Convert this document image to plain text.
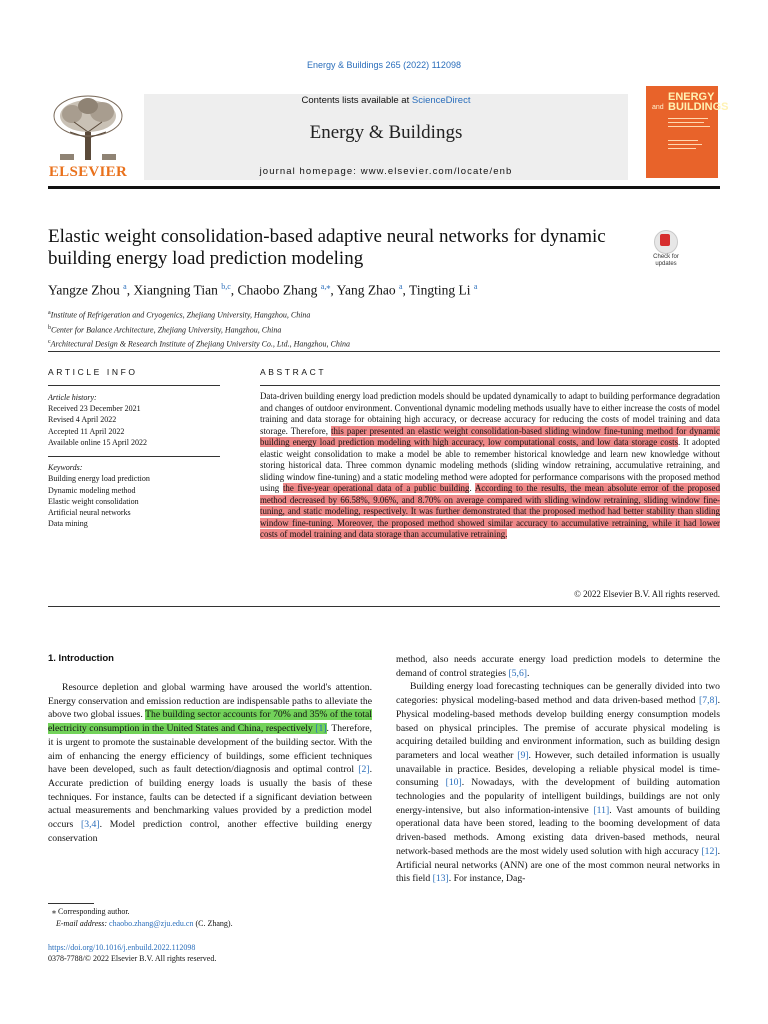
Energy & Buildings 265 (2022) 112098
ELSEVIER
Contents lists available at ScienceDirect
Energy & Buildings
journal homepage: www.elsevier.com/locate/enb
and
ENERGY
BUILDINGS
Elastic weight consolidation-based adaptive neural networks for dynamic building energy load prediction modeling	Check for updates
Yangze Zhou $^a$, Xiangning Tian $^{b,c}$, Chaobo Zhang $^{a,⁎}$, Yang Zhao $^a$, Tingting Li $^a$
$^a$Institute of Refrigeration and Cryogenics, Zhejiang University, Hangzhou, China
$^b$Center for Balance Architecture, Zhejiang University, Hangzhou, China
$^c$Architectural Design & Research Institute of Zhejiang University Co., Ltd., Hangzhou, China
ARTICLE INFO
Article history:
Received 23 December 2021
Revised 4 April 2022
Accepted 11 April 2022
Available online 15 April 2022
Keywords:
Building energy load prediction
Dynamic modeling method
Elastic weight consolidation
Artificial neural networks
Data mining
ABSTRACT
Data-driven building energy load prediction models should be updated dynamically to adapt to building performance degradation and changes of outdoor environment. Conventional dynamic modeling methods usually have to either increase the costs of model training and data storage for obtaining high accuracy, or decrease accuracy for reducing the costs of model training and data storage. Therefore, this paper presented an elastic weight consolidation-based sliding window fine-tuning method for dynamic building energy load prediction modeling with high accuracy, low computational costs, and low data storage costs. It adopted elastic weight consolidation to make a model be able to remember historical knowledge and learn new knowledge without storing historical data. Three common dynamic modeling methods (sliding window retraining, accumulative retraining, and sliding window fine-tuning) and a static modeling method were adopted for performance comparisons with the proposed method using the five-year operational data of a public building. According to the results, the mean absolute error of the proposed method decreased by 66.58%, 9.06%, and 8.70% on average compared with sliding window retraining, sliding window fine-tuning, and static modeling, respectively. It was further demonstrated that the proposed method had better stability than sliding window fine-tuning. Moreover, the proposed method showed similar accuracy to accumulative retraining, while it had lower costs of model training and data storage than accumulative retraining.
© 2022 Elsevier B.V. All rights reserved.
1. Introduction

Resource depletion and global warming have aroused the world's attention. Energy conservation and emission reduction are indispensable paths to alleviate the above two global issues. The building sector accounts for 70% and 35% of the total electricity consumption in the United States and China, respectively [1]. Therefore, it is urgent to promote the sustainable development of the building sector. With the aim of enhancing the energy efficiency of buildings, some efficient techniques have been developed, such as fault detection/diagnosis and optimal control [2]. Accurate prediction of building energy loads is usually the basis of these techniques. For instance, faults can be detected if a significant deviation between actual measurements and benchmarking values provided by a prediction model occurs [3,4]. Model prediction control, another effective building energy conservation

method, also needs accurate energy load prediction models to determine the demand of control strategies [5,6].

Building energy load forecasting techniques can be generally divided into two categories: physical modeling-based method and data driven-based method [7,8]. Physical modeling-based methods develop building energy consumption models based on physical principles. The premise of accurate physical modeling is acquiring detailed building and environment information, such as building design parameters and local weather [9]. However, such detailed information is usually unavailable in practice. Besides, developing a reliable physical model is time-consuming [10]. Nowadays, with the development of building automation technologies and the popularity of intelligent buildings, buildings are not only energy-intensive, but also information-intensive [11]. Vast amounts of building operational data have been stored, leading to the booming development of data driven-based methods. Among existing data driven-based methods, neural network-based methods are the most widely used solution with high accuracy [12]. Artificial neural networks (ANN) are one of the most common neural networks in this field [13]. For instance, Dag-

⁎ Corresponding author.
E-mail address: chaobo.zhang@zju.edu.cn (C. Zhang).
https://doi.org/10.1016/j.enbuild.2022.112098
0378-7788/© 2022 Elsevier B.V. All rights reserved.
